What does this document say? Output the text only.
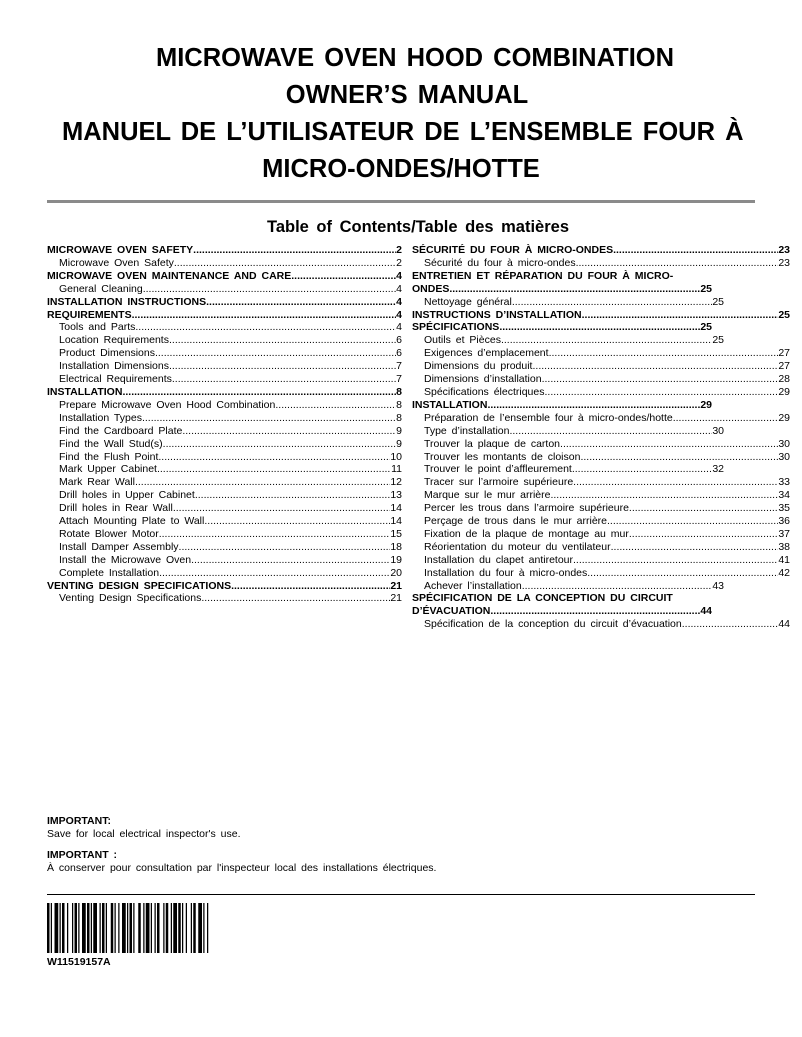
MICROWAVE OVEN HOOD COMBINATION
OWNER’S MANUAL
MANUEL DE L’UTILISATEUR DE L’ENSEMBLE FOUR À
MICRO-ONDES/HOTTE
Table of Contents/Table des matières
MICROWAVE OVEN SAFETY .....	2
Microwave Oven Safety .....	2
MICROWAVE OVEN MAINTENANCE AND CARE .....	4
General Cleaning .....	4
INSTALLATION INSTRUCTIONS .....	4
REQUIREMENTS .....	4
Tools and Parts .....	4
Location Requirements .....	6
Product Dimensions .....	6
Installation Dimensions .....	7
Electrical Requirements .....	7
INSTALLATION .....	8
Prepare Microwave Oven Hood Combination .....	8
Installation Types .....	8
Find the Cardboard Plate .....	9
Find the Wall Stud(s) .....	9
Find the Flush Point .....	10
Mark Upper Cabinet .....	11
Mark Rear Wall .....	12
Drill holes in Upper Cabinet .....	13
Drill holes in Rear Wall .....	14
Attach Mounting Plate to Wall .....	14
Rotate Blower Motor .....	15
Install Damper Assembly .....	18
Install the Microwave Oven .....	19
Complete Installation .....	20
VENTING DESIGN SPECIFICATIONS .....	21
Venting Design Specifications .....	21
SÉCURITÉ DU FOUR À MICRO-ONDES .....	23
Sécurité du four à micro-ondes .....	23
ENTRETIEN ET RÉPARATION DU FOUR À MICRO-
ONDES .....	25
Nettoyage général .....	25
INSTRUCTIONS D’INSTALLATION .....	25
SPÉCIFICATIONS .....	25
Outils et Pièces .....	25
Exigences d’emplacement .....	27
Dimensions du produit .....	27
Dimensions d’installation .....	28
Spécifications électriques .....	29
INSTALLATION .....	29
Préparation de l’ensemble four à micro-ondes/hotte .....	29
Type d’installation .....	30
Trouver la plaque de carton .....	30
Trouver les montants de cloison .....	30
Trouver le point d’affleurement .....	32
Tracer sur l’armoire supérieure .....	33
Marque sur le mur arrière .....	34
Percer les trous dans l’armoire supérieure .....	35
Perçage de trous dans le mur arrière .....	36
Fixation de la plaque de montage au mur .....	37
Réorientation du moteur du ventilateur .....	38
Installation du clapet antiretour .....	41
Installation du four à micro-ondes .....	42
Achever l’installation .....	43
SPÉCIFICATION DE LA CONCEPTION DU CIRCUIT
D’ÉVACUATION .....	44
Spécification de la conception du circuit d’évacuation .....	44
IMPORTANT:
Save for local electrical inspector's use.
IMPORTANT :
À conserver pour consultation par l'inspecteur local des installations électriques.
W11519157A
